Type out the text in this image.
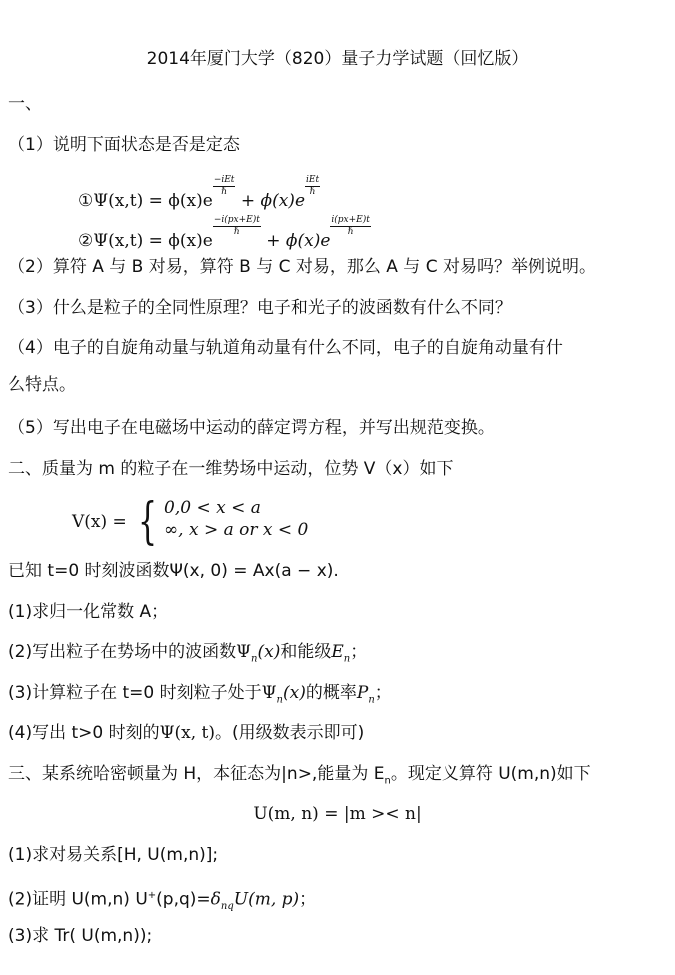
2014年厦门大学（820）量子力学试题（回忆版）
一、
（1）说明下面状态是否是定态
①Ψ(x,t) = ϕ(x)e
$\frac{\text{−iEt}}{\text{ℏ}}$
+ ϕ(x)e
$\frac{\text{iEt}}{\text{ℏ}}$
②Ψ(x,t) = ϕ(x)e
$\frac{-i(px+E)t}{\text{ℏ}}$
+ ϕ(x)e
$\frac{i(px+E)t}{\text{ℏ}}$
（2）算符 A 与 B 对易，算符 B 与 C 对易，那么 A 与 C 对易吗？举例说明。
（3）什么是粒子的全同性原理？电子和光子的波函数有什么不同？
（4）电子的自旋角动量与轨道角动量有什么不同，电子的自旋角动量有什
么特点。
（5）写出电子在电磁场中运动的薛定谔方程，并写出规范变换。
二、质量为 m 的粒子在一维势场中运动，位势 V（x）如下
V(x) = { 0,0 < x < a
∞, x > a or x < 0
已知 t=0 时刻波函数Ψ(x, 0) = Ax(a − x).
(1)求归一化常数 A；
(2)写出粒子在势场中的波函数$\Psi_n(x)$和能级$E_n$；
(3)计算粒子在 t=0 时刻粒子处于$\Psi_n(x)$的概率$P_n$；
(4)写出 t>0 时刻的Ψ(x, t)。(用级数表示即可)
三、某系统哈密顿量为 H，本征态为|n>,能量为 $E_n$。现定义算符 U(m,n)如下
U(m, n) = |m >< n|
(1)求对易关系[H, U(m,n)];
(2)证明 U(m,n) $U^+(p,q)=\delta_{nq}U(m$, p)；
(3)求 Tr( U(m,n));
